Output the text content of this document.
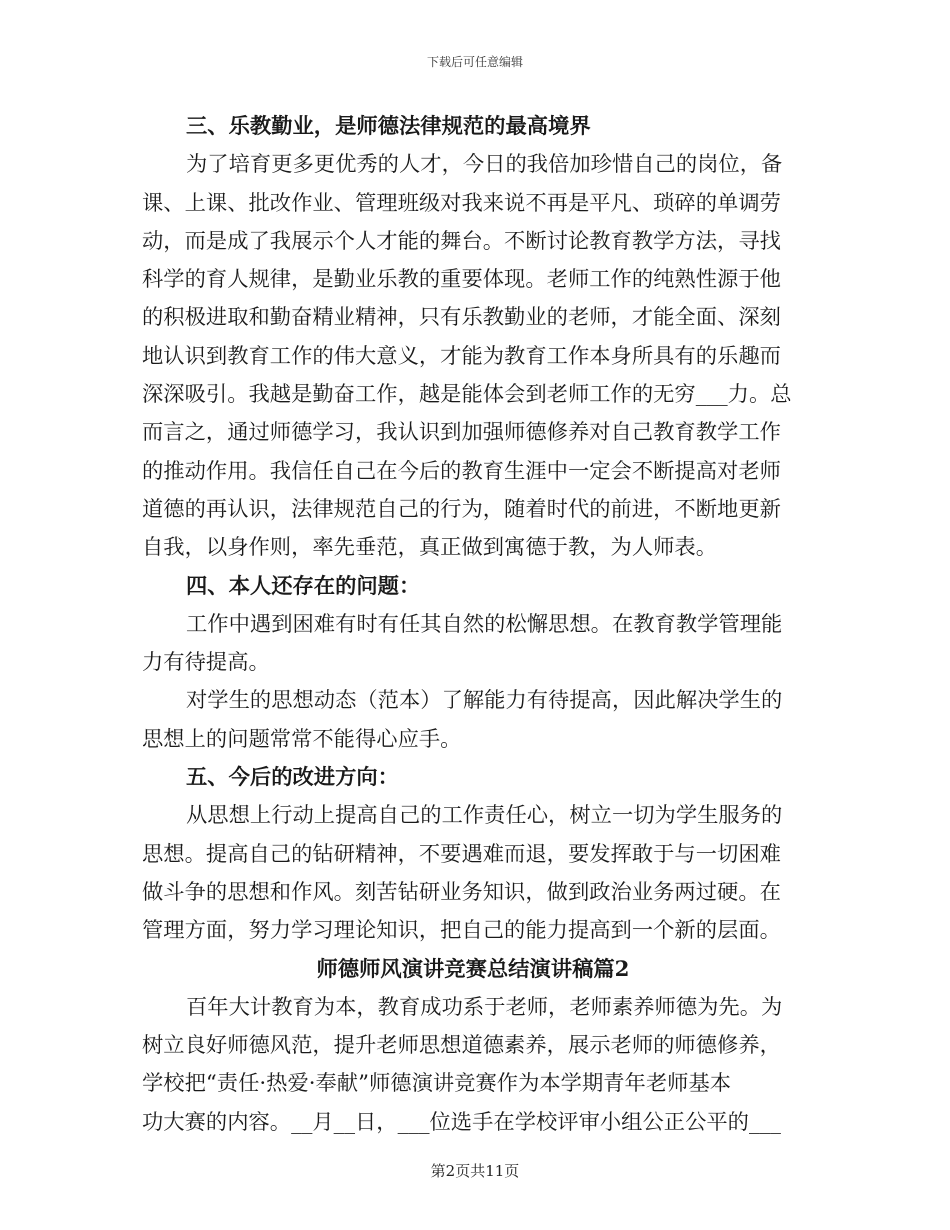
下载后可任意编辑
三、乐教勤业，是师德法律规范的最高境界
为了培育更多更优秀的人才，今日的我倍加珍惜自己的岗位，备
课、上课、批改作业、管理班级对我来说不再是平凡、琐碎的单调劳
动，而是成了我展示个人才能的舞台。不断讨论教育教学方法，寻找
科学的育人规律，是勤业乐教的重要体现。老师工作的纯熟性源于他
的积极进取和勤奋精业精神，只有乐教勤业的老师，才能全面、深刻
地认识到教育工作的伟大意义，才能为教育工作本身所具有的乐趣而
深深吸引。我越是勤奋工作，越是能体会到老师工作的无穷___力。总
而言之，通过师德学习，我认识到加强师德修养对自己教育教学工作
的推动作用。我信任自己在今后的教育生涯中一定会不断提高对老师
道德的再认识，法律规范自己的行为，随着时代的前进，不断地更新
自我，以身作则，率先垂范，真正做到寓德于教，为人师表。
四、本人还存在的问题：
工作中遇到困难有时有任其自然的松懈思想。在教育教学管理能
力有待提高。
对学生的思想动态（范本）了解能力有待提高，因此解决学生的
思想上的问题常常不能得心应手。
五、今后的改进方向：
从思想上行动上提高自己的工作责任心，树立一切为学生服务的
思想。提高自己的钻研精神，不要遇难而退，要发挥敢于与一切困难
做斗争的思想和作风。刻苦钻研业务知识，做到政治业务两过硬。在
管理方面，努力学习理论知识，把自己的能力提高到一个新的层面。
师德师风演讲竞赛总结演讲稿篇2
百年大计教育为本，教育成功系于老师，老师素养师德为先。为
树立良好师德风范，提升老师思想道德素养，展示老师的师德修养，
学校把“责任·热爱·奉献”师德演讲竞赛作为本学期青年老师基本
功大赛的内容。__月__日，___位选手在学校评审小组公正公平的___
第2页共11页
